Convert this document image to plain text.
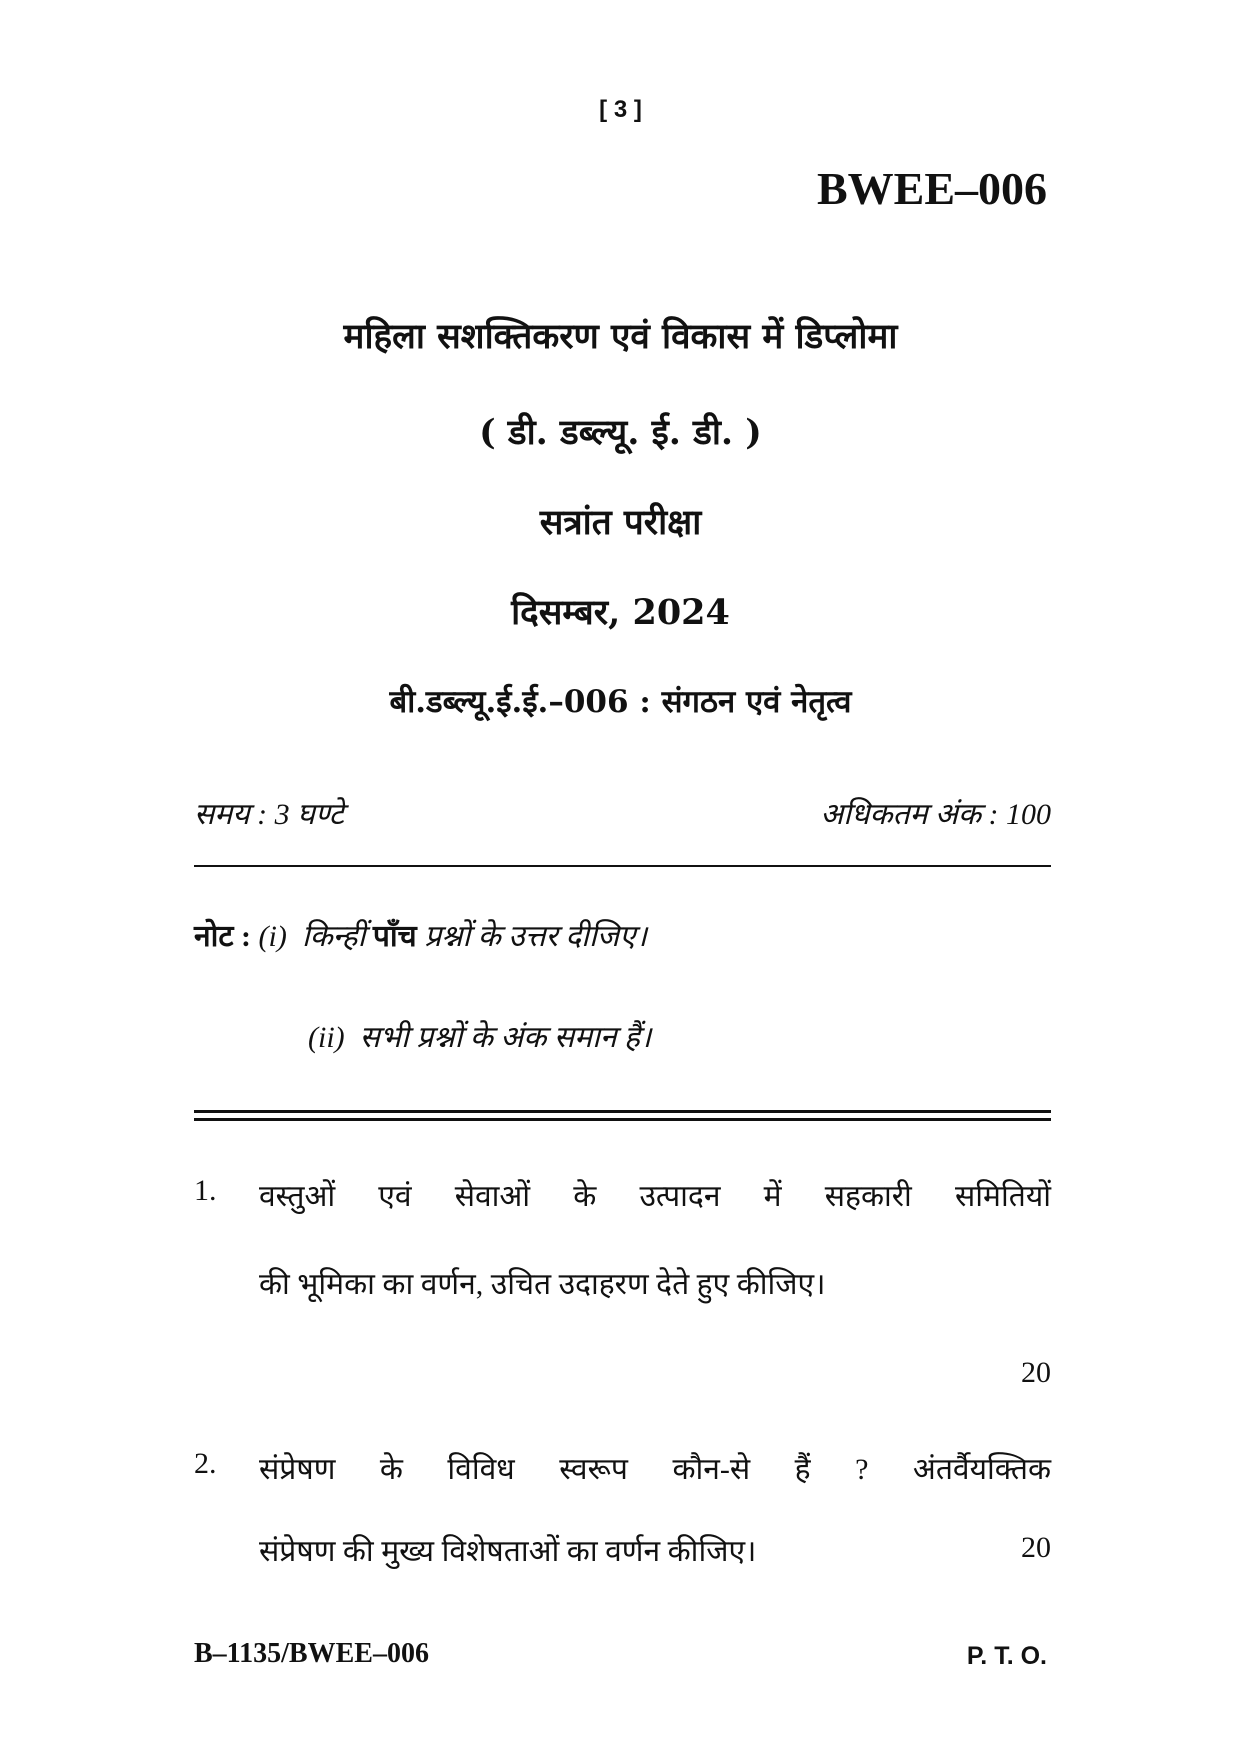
[ 3 ]
BWEE–006
महिला सशक्तिकरण एवं विकास में डिप्लोमा
( डी. डब्ल्यू. ई. डी. )
सत्रांत परीक्षा
दिसम्बर, 2024
बी.डब्ल्यू.ई.ई.–006 : संगठन एवं नेतृत्व
समय : 3 घण्टे	अधिकतम अंक : 100
नोट : (i) किन्हीं पाँच प्रश्नों के उत्तर दीजिए।
(ii) सभी प्रश्नों के अंक समान हैं।
1. वस्तुओं एवं सेवाओं के उत्पादन में सहकारी समितियों
की भूमिका का वर्णन, उचित उदाहरण देते हुए कीजिए।
20
2. संप्रेषण के विविध स्वरूप कौन-से हैं ? अंतर्वैयक्तिक
संप्रेषण की मुख्य विशेषताओं का वर्णन कीजिए।	20
B–1135/BWEE–006	P. T. O.
